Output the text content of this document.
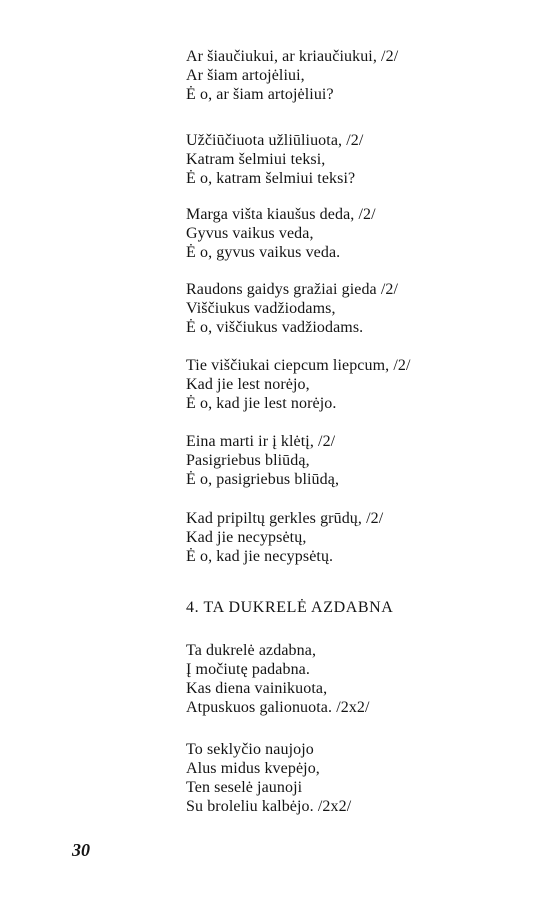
Ar šiaučiukui, ar kriaučiukui, /2/
Ar šiam artojėliui,
Ė o, ar šiam artojėliui?
Užčiūčiuota užliūliuota, /2/
Katram šelmiui teksi,
Ė o, katram šelmiui teksi?
Marga višta kiaušus deda, /2/
Gyvus vaikus veda,
Ė o, gyvus vaikus veda.
Raudons gaidys gražiai gieda /2/
Viščiukus vadžiodams,
Ė o, viščiukus vadžiodams.
Tie viščiukai ciepcum liepcum, /2/
Kad jie lest norėjo,
Ė o, kad jie lest norėjo.
Eina marti ir į klėtį, /2/
Pasigriebus bliūdą,
Ė o, pasigriebus bliūdą,
Kad pripiltų gerkles grūdų, /2/
Kad jie necypsėtų,
Ė o, kad jie necypsėtų.
4. TA DUKRELĖ AZDABNA
Ta dukrelė azdabna,
Į močiutę padabna.
Kas diena vainikuota,
Atpuskuos galionuota. /2x2/
To seklyčio naujojo
Alus midus kvepėjo,
Ten seselė jaunoji
Su broleliu kalbėjo. /2x2/
30
